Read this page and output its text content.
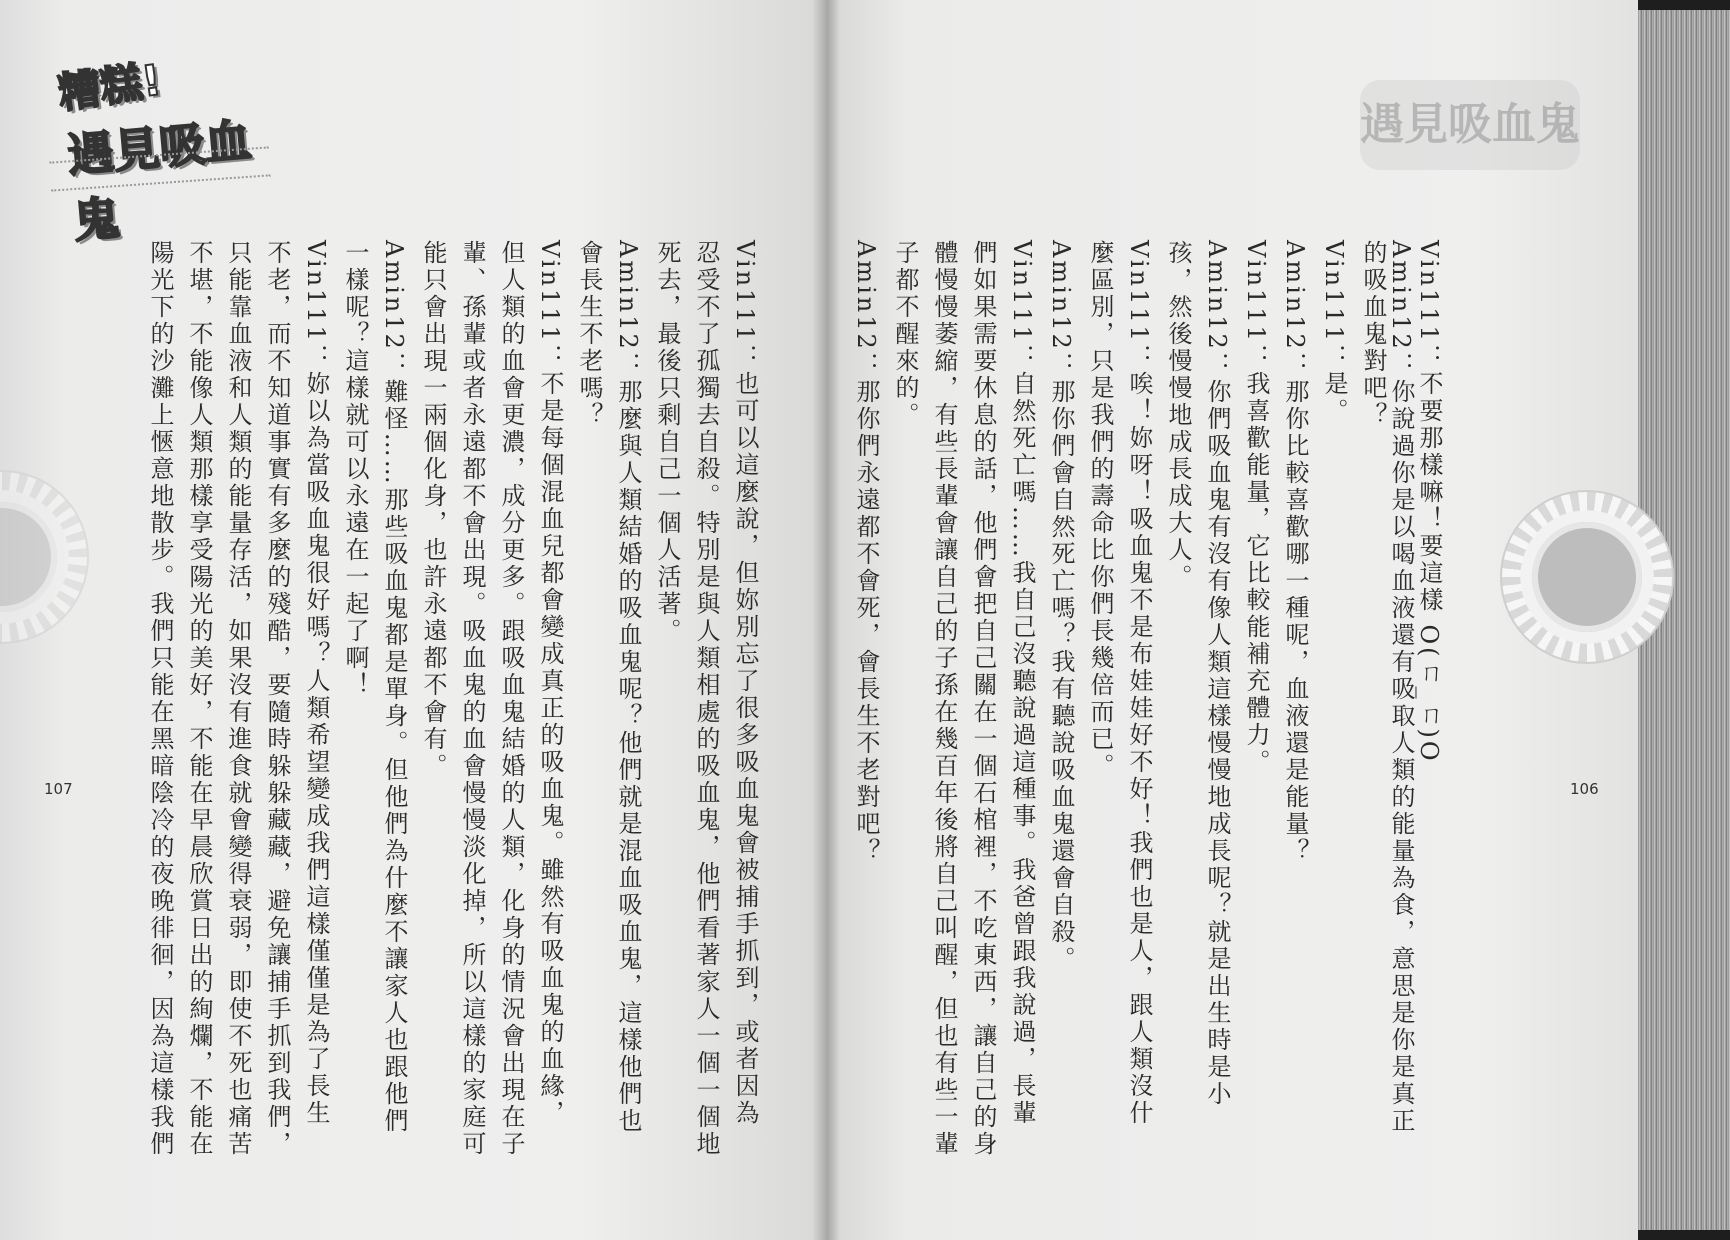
遇見吸血鬼
糟糕!
遇見吸血鬼
Vin111：不要那樣嘛！要這樣 O(ㄇ_ㄇ)O
Amin12：你說過你是以喝血液還有吸取人類的能量為食，意思是你是真正
的吸血鬼對吧？
Vin111：是。
Amin12：那你比較喜歡哪一種呢，血液還是能量？
Vin111：我喜歡能量，它比較能補充體力。
Amin12：你們吸血鬼有沒有像人類這樣慢慢地成長呢？就是出生時是小
孩，然後慢慢地成長成大人。
Vin111：唉！妳呀！吸血鬼不是布娃娃好不好！我們也是人，跟人類沒什
麼區別，只是我們的壽命比你們長幾倍而已。
Amin12：那你們會自然死亡嗎？我有聽說吸血鬼還會自殺。
Vin111：自然死亡嗎……我自己沒聽說過這種事。我爸曾跟我說過，長輩
們如果需要休息的話，他們會把自己關在一個石棺裡，不吃東西，讓自己的身
體慢慢萎縮，有些長輩會讓自己的子孫在幾百年後將自己叫醒，但也有些一輩
子都不醒來的。
Amin12：那你們永遠都不會死，會長生不老對吧？	106
Vin111：也可以這麼說，但妳別忘了很多吸血鬼會被捕手抓到，或者因為
忍受不了孤獨去自殺。特別是與人類相處的吸血鬼，他們看著家人一個一個地
死去，最後只剩自己一個人活著。
Amin12：那麼與人類結婚的吸血鬼呢？他們就是混血吸血鬼，這樣他們也
會長生不老嗎？
Vin111：不是每個混血兒都會變成真正的吸血鬼。雖然有吸血鬼的血緣，
但人類的血會更濃，成分更多。跟吸血鬼結婚的人類，化身的情況會出現在子
輩、孫輩或者永遠都不會出現。吸血鬼的血會慢慢淡化掉，所以這樣的家庭可
能只會出現一兩個化身，也許永遠都不會有。
Amin12：難怪……那些吸血鬼都是單身。但他們為什麼不讓家人也跟他們
一樣呢？這樣就可以永遠在一起了啊！
Vin111：妳以為當吸血鬼很好嗎？人類希望變成我們這樣僅僅是為了長生
不老，而不知道事實有多麼的殘酷，要隨時躲躲藏藏，避免讓捕手抓到我們，
只能靠血液和人類的能量存活，如果沒有進食就會變得衰弱，即使不死也痛苦
不堪，不能像人類那樣享受陽光的美好，不能在早晨欣賞日出的絢爛，不能在
陽光下的沙灘上愜意地散步。我們只能在黑暗陰冷的夜晚徘徊，因為這樣我們
107
